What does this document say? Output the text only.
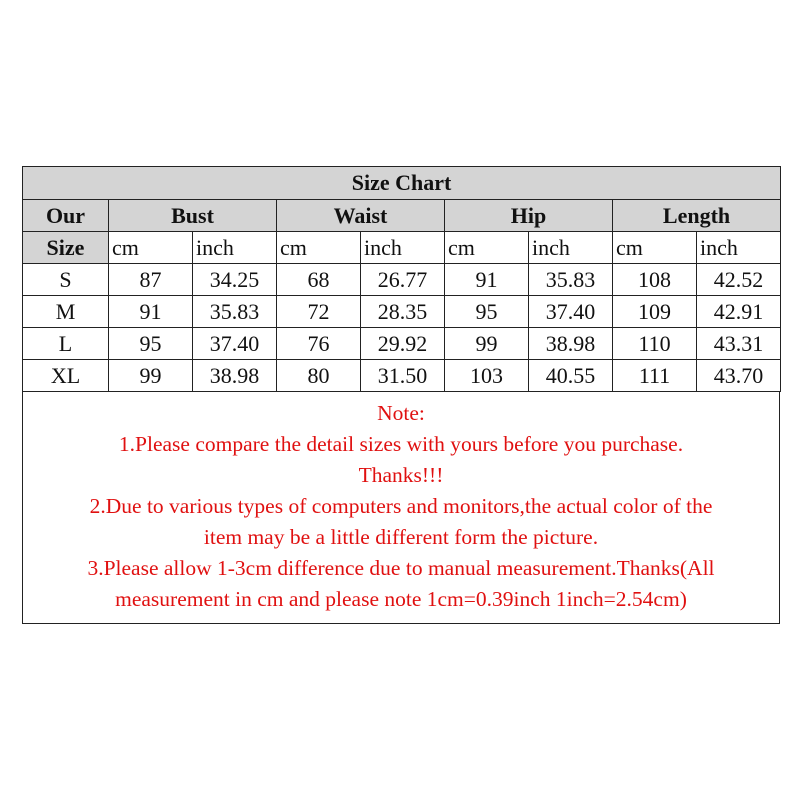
Size Chart								
Our	Bust		Waist		Hip		Length	
Size	cm	inch	cm	inch	cm	inch	cm	inch
S	87	34.25	68	26.77	91	35.83	108	42.52
M	91	35.83	72	28.35	95	37.40	109	42.91
L	95	37.40	76	29.92	99	38.98	110	43.31
XL	99	38.98	80	31.50	103	40.55	111	43.70
Note:
1.Please compare the detail sizes with yours before you purchase.
Thanks!!!
2.Due to various types of computers and monitors,the actual color of the
item may be a little different form the picture.
3.Please allow 1-3cm difference due to manual measurement.Thanks(All
measurement in cm and please note 1cm=0.39inch 1inch=2.54cm)
